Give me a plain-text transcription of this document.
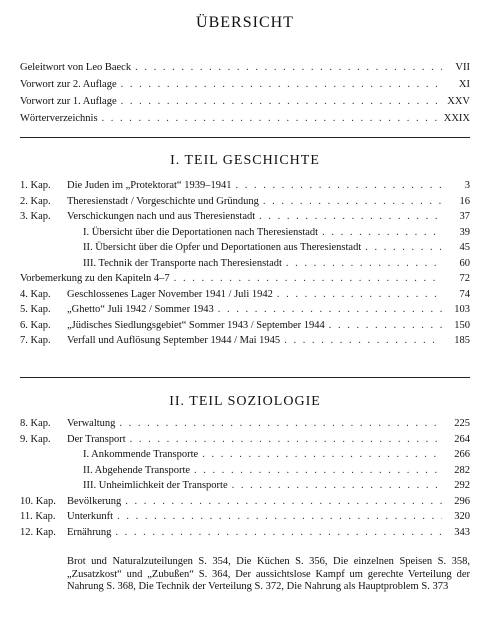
ÜBERSICHT
Geleitwort von Leo Baeck . . .	VII
Vorwort zur 2. Auflage . . .	XI
Vorwort zur 1. Auflage . . .	XXV
Wörterverzeichnis . . .	XXIX
I. TEIL GESCHICHTE
1. Kap.	Die Juden im „Protektorat“ 1939–1941 . . .	3
2. Kap.	Theresienstadt / Vorgeschichte und Gründung . . .	16
3. Kap.	Verschickungen nach und aus Theresienstadt . . .	37
I. Übersicht über die Deportationen nach Theresienstadt . . .	39
II. Übersicht über die Opfer und Deportationen aus Theresienstadt . . .	45
III. Technik der Transporte nach Theresienstadt . . .	60
Vorbemerkung zu den Kapiteln 4–7 . . .	72
4. Kap.	Geschlossenes Lager November 1941 / Juli 1942 . . .	74
5. Kap.	„Ghetto“ Juli 1942 / Sommer 1943 . . .	103
6. Kap.	„Jüdisches Siedlungsgebiet“ Sommer 1943 / September 1944 . . .	150
7. Kap.	Verfall und Auflösung September 1944 / Mai 1945 . . .	185
II. TEIL SOZIOLOGIE
8. Kap.	Verwaltung . . .	225
9. Kap.	Der Transport . . .	264
I. Ankommende Transporte . . .	266
II. Abgehende Transporte . . .	282
III. Unheimlichkeit der Transporte . . .	292
10. Kap.	Bevölkerung . . .	296
11. Kap.	Unterkunft . . .	320
12. Kap.	Ernährung . . .	343
Brot und Naturalzuteilungen S. 354, Die Küchen S. 356, Die einzelnen Speisen S. 358, „Zusatzkost“ und „Zubußen“ S. 364, Der aussichtslose Kampf um gerechte Verteilung der Nahrung S. 368, Die Technik der Verteilung S. 372, Die Nahrung als Hauptproblem S. 373
